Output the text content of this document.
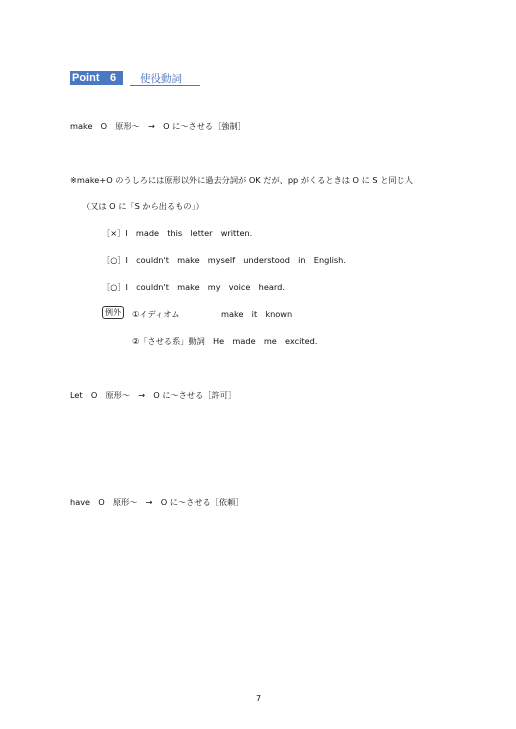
Point 6 使役動詞
make　O　原形～　→　O に～させる［強制］
※make+O のうしろには原形以外に過去分詞が OK だが、pp がくるときは O に S と同じ人
（又は O に「S から出るもの」）
［×］I　made　this　letter　written.
［○］I　couldn't　make　myself　understood　in　English.
［○］I　couldn't　make　my　voice　heard.
例外	①イディオム	make　it　known
②「させる系」動詞　He　made　me　excited.
Let　O　原形～　→　O に～させる［許可］
have　O　原形～　→　O に～させる［依頼］
7
